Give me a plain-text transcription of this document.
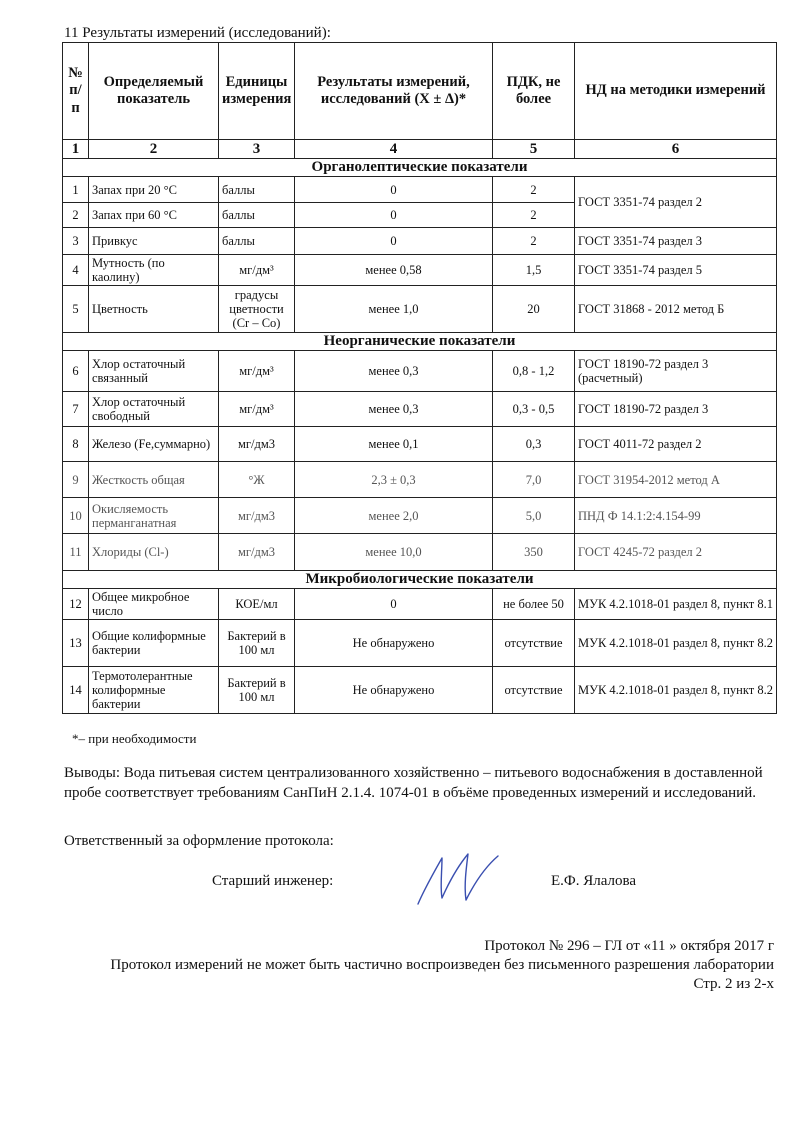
11 Результаты измерений (исследований):
№ п/п	Определяемый показатель	Единицы измерения	Результаты измерений, исследований (X ± Δ)*	ПДК, не более	НД на методики измерений
1	2	3	4	5	6
Органолептические показатели					
1	Запах при 20 °С	баллы	0	2	ГОСТ 3351-74 раздел 2
2	Запах при 60 °С	баллы	0	2	
3	Привкус	баллы	0	2	ГОСТ 3351-74 раздел 3
4	Мутность (по каолину)	мг/дм³	менее 0,58	1,5	ГОСТ 3351-74 раздел 5
5	Цветность	градусы цветности (Cr – Co)	менее 1,0	20	ГОСТ 31868 - 2012 метод Б
Неорганические показатели					
6	Хлор остаточный связанный	мг/дм³	менее 0,3	0,8 - 1,2	ГОСТ 18190-72 раздел 3 (расчетный)
7	Хлор остаточный свободный	мг/дм³	менее 0,3	0,3 - 0,5	ГОСТ 18190-72 раздел 3
8	Железо (Fe,суммарно)	мг/дм3	менее 0,1	0,3	ГОСТ 4011-72 раздел 2
9	Жесткость общая	°Ж	2,3 ± 0,3	7,0	ГОСТ 31954-2012 метод А
10	Окисляемость перманганатная	мг/дм3	менее 2,0	5,0	ПНД Ф 14.1:2:4.154-99
11	Хлориды (Cl-)	мг/дм3	менее 10,0	350	ГОСТ 4245-72 раздел 2
Микробиологические показатели					
12	Общее микробное число	КОЕ/мл	0	не более 50	МУК 4.2.1018-01 раздел 8, пункт 8.1
13	Общие колиформные бактерии	Бактерий в 100 мл	Не обнаружено	отсутствие	МУК 4.2.1018-01 раздел 8, пункт 8.2
14	Термотолерантные колиформные бактерии	Бактерий в 100 мл	Не обнаружено	отсутствие	МУК 4.2.1018-01 раздел 8, пункт 8.2
*– при необходимости
Выводы: Вода питьевая систем централизованного хозяйственно – питьевого водоснабжения в доставленной пробе соответствует требованиям СанПиН 2.1.4. 1074-01 в объёме проведенных измерений и исследований.
Ответственный за оформление протокола:
Старший инженер:	Е.Ф. Ялалова
Протокол № 296 – ГЛ от «11 » октября 2017 г
Протокол измерений не может быть частично воспроизведен без письменного разрешения лаборатории
Стр. 2 из 2-х
